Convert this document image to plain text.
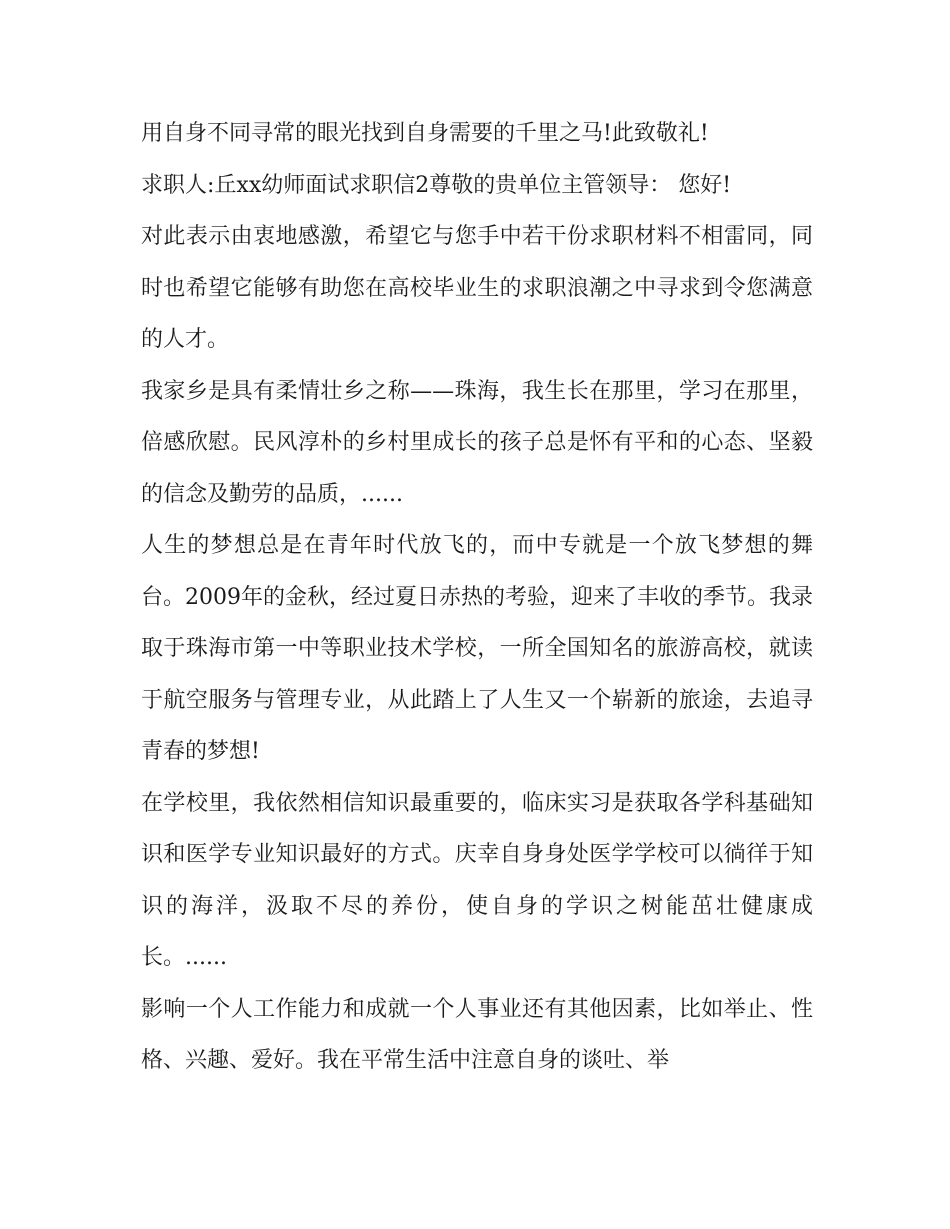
用自身不同寻常的眼光找到自身需要的千里之马!此致敬礼!

求职人:丘xx幼师面试求职信2尊敬的贵单位主管领导： 您好!

对此表示由衷地感激，希望它与您手中若干份求职材料不相雷同，同时也希望它能够有助您在高校毕业生的求职浪潮之中寻求到令您满意的人才。

我家乡是具有柔情壮乡之称——珠海，我生长在那里，学习在那里，倍感欣慰。民风淳朴的乡村里成长的孩子总是怀有平和的心态、坚毅的信念及勤劳的品质，......

人生的梦想总是在青年时代放飞的，而中专就是一个放飞梦想的舞台。2009年的金秋，经过夏日赤热的考验，迎来了丰收的季节。我录取于珠海市第一中等职业技术学校，一所全国知名的旅游高校，就读于航空服务与管理专业，从此踏上了人生又一个崭新的旅途，去追寻青春的梦想!

在学校里，我依然相信知识最重要的，临床实习是获取各学科基础知识和医学专业知识最好的方式。庆幸自身身处医学学校可以徜徉于知识的海洋，汲取不尽的养份，使自身的学识之树能茁壮健康成长。......

影响一个人工作能力和成就一个人事业还有其他因素，比如举止、性格、兴趣、爱好。我在平常生活中注意自身的谈吐、举
